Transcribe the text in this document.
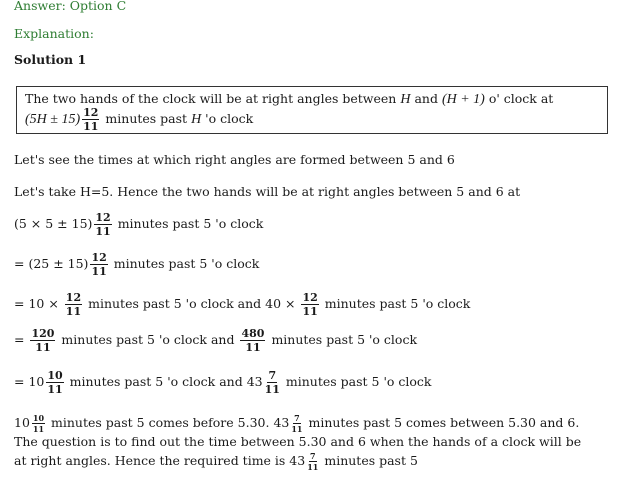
Answer: Option C
Explanation:
Solution 1
The two hands of the clock will be at right angles between H and (H + 1) o' clock at
$(5H \pm 15) \frac{12}{11}$ minutes past H 'o clock
Let's see the times at which right angles are formed between 5 and 6
Let's take H=5. Hence the two hands will be at right angles between 5 and 6 at
$(5 \times 5 \pm 15) \frac{12}{11}$ minutes past 5 'o clock
= $(25 \pm 15) \frac{12}{11}$ minutes past 5 'o clock
= $10 \times \frac{12}{11}$ minutes past 5 'o clock and $40 \times \frac{12}{11}$ minutes past 5 'o clock
= $\frac{120}{11}$ minutes past 5 'o clock and $\frac{480}{11}$ minutes past 5 'o clock
= $10 \frac{10}{11}$ minutes past 5 'o clock and $43 \frac{7}{11}$ minutes past 5 'o clock
$10 \frac{10}{11}$ minutes past 5 comes before 5.30. $43 \frac{7}{11}$ minutes past 5 comes between 5.30 and 6.
The question is to find out the time between 5.30 and 6 when the hands of a clock will be
at right angles. Hence the required time is $43 \frac{7}{11}$ minutes past 5
